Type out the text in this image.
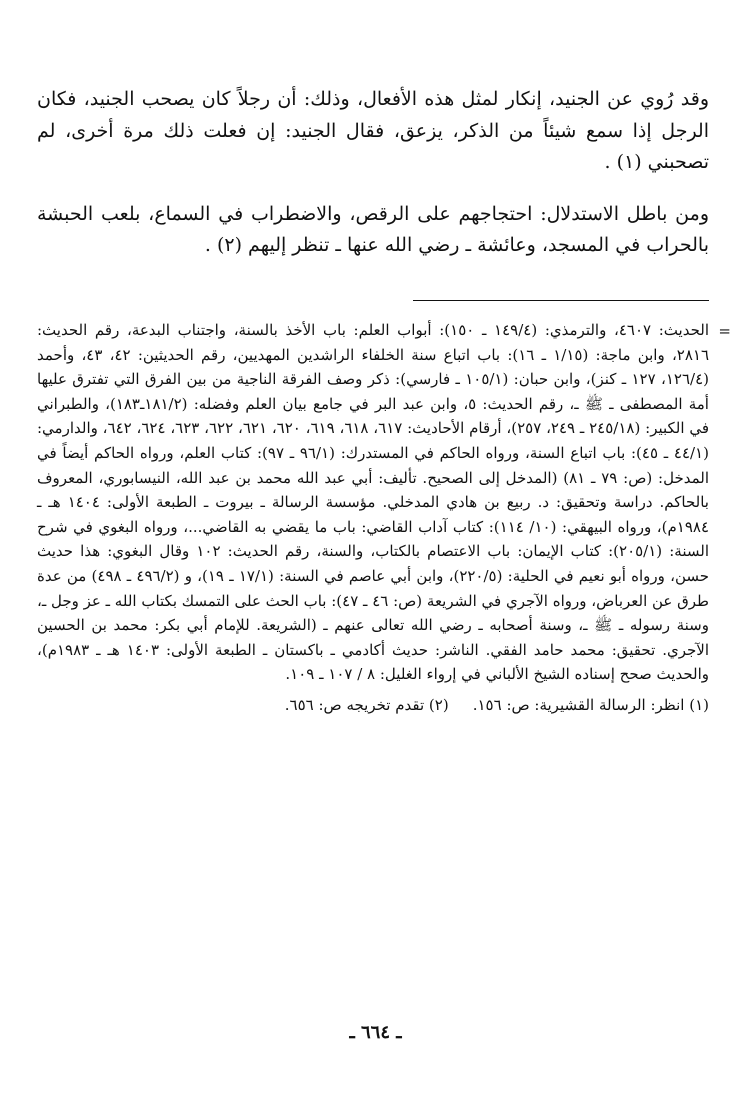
وقد رُوي عن الجنيد، إنكار لمثل هذه الأفعال، وذلك: أن رجلاً كان يصحب الجنيد، فكان الرجل إذا سمع شيئاً من الذكر، يزعق، فقال الجنيد: إن فعلت ذلك مرة أخرى، لم تصحبني (١) .

ومن باطل الاستدلال: احتجاجهم على الرقص، والاضطراب في السماع، بلعب الحبشة بالحراب في المسجد، وعائشة ـ رضي الله عنها ـ تنظر إليهم (٢) .

=

الحديث: ٤٦٠٧، والترمذي: (١٤٩/٤ ـ ١٥٠): أبواب العلم: باب الأخذ بالسنة، واجتناب البدعة، رقم الحديث: ٢٨١٦، وابن ماجة: (١/١٥ ـ ١٦): باب اتباع سنة الخلفاء الراشدين المهديين، رقم الحديثين: ٤٢، ٤٣، وأحمد (١٢٦/٤، ١٢٧ ـ كنز)، وابن حبان: (١٠٥/١ ـ فارسي): ذكر وصف الفرقة الناجية من بين الفرق التي تفترق عليها أمة المصطفى ـ ﷺ ـ، رقم الحديث: ٥، وابن عبد البر في جامع بيان العلم وفضله: (١٨١/٢ـ١٨٣)، والطبراني في الكبير: (٢٤٥/١٨ ـ ٢٤٩، ٢٥٧)، أرقام الأحاديث: ٦١٧، ٦١٨، ٦١٩، ٦٢٠، ٦٢١، ٦٢٢، ٦٢٣، ٦٢٤، ٦٤٢، والدارمي: (٤٤/١ ـ ٤٥): باب اتباع السنة، ورواه الحاكم في المستدرك: (٩٦/١ ـ ٩٧): كتاب العلم، ورواه الحاكم أيضاً في المدخل: (ص: ٧٩ ـ ٨١) (المدخل إلى الصحيح. تأليف: أبي عبد الله محمد بن عبد الله، النيسابوري، المعروف بالحاكم. دراسة وتحقيق: د. ربيع بن هادي المدخلي. مؤسسة الرسالة ـ بيروت ـ الطبعة الأولى: ١٤٠٤ هـ ـ ١٩٨٤م)، ورواه البيهقي: (١٠/ ١١٤): كتاب آداب القاضي: باب ما يقضي به القاضي...، ورواه البغوي في شرح السنة: (٢٠٥/١): كتاب الإيمان: باب الاعتصام بالكتاب، والسنة، رقم الحديث: ١٠٢ وقال البغوي: هذا حديث حسن، ورواه أبو نعيم في الحلية: (٢٢٠/٥)، وابن أبي عاصم في السنة: (١٧/١ ـ ١٩)، و (٤٩٦/٢ ـ ٤٩٨) من عدة طرق عن العرباض، ورواه الآجري في الشريعة (ص: ٤٦ ـ ٤٧): باب الحث على التمسك بكتاب الله ـ عز وجل ـ، وسنة رسوله ـ ﷺ ـ، وسنة أصحابه ـ رضي الله تعالى عنهم ـ (الشريعة. للإمام أبي بكر: محمد بن الحسين الآجري. تحقيق: محمد حامد الفقي. الناشر: حديث أكادمي ـ باكستان ـ الطبعة الأولى: ١٤٠٣ هـ ـ ١٩٨٣م)، والحديث صحح إسناده الشيخ الألباني في إرواء الغليل: ٨ / ١٠٧ ـ ١٠٩.

(١) انظر: الرسالة القشيرية: ص: ١٥٦.(٢) تقدم تخريجه ص: ٦٥٦.
ـ ٦٦٤ ـ
